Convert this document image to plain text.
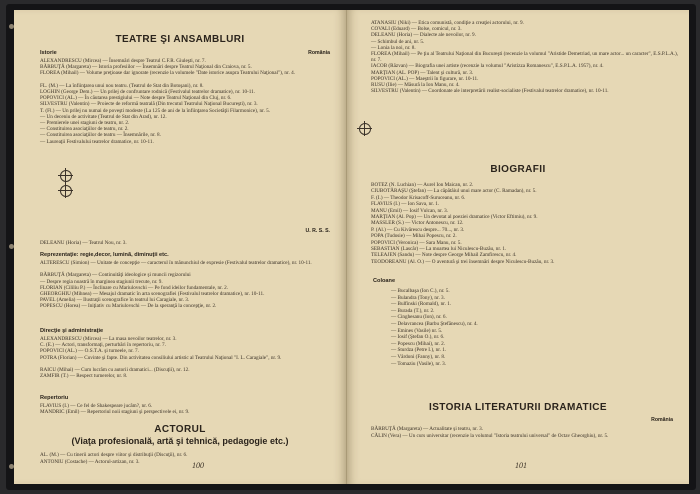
TEATRE ŞI ANSAMBLURI
Istorie	România
ALEXANDRESCU (Mircea) — Însemnări despre Teatrul C.F.R. Giuleşti, nr. 7.
BĂRBUŢĂ (Margareta) — Istoria profesiilor — Însemnări despre Teatrul Naţional din Craiova, nr. 5.
FLOREA (Mihail) — Volume preţioase dar ignorate (recenzie la volumele "Date istorice asupra Teatrului Naţional"), nr. 4.
FL. (M.) — La înfiinţarea unui nou teatru. (Teatrul de Stat din Botoşani), nr. 8.
LOGHIN (George Dem.) — Un prilej de confruntare rodnică (Festivalul teatrelor dramatice), nr. 10-11.
POPOVICI (AL.) — În căutarea prestigiului — Note despre Teatrul Naţional din Cluj, nr. 6.
SILVESTRU (Valentin) — Proiecte de reformă teatrală (Din trecutul Teatrului Naţional Bucureşti), nr. 3.
T. (Fl.) — Un prilej nu numai de poveşti modeste (La 125 de ani de la înfiinţarea Societăţii Filarmonice), nr. 5.
— Un deceniu de activitate (Teatrul de Stat din Arad), nr. 12.
— Premierele unei stagiuni de teatru, nr. 2.
— Constituirea asociaţiilor de teatru, nr. 2.
— Constituirea asociaţiilor de teatru — Însemnările, nr. 8.
— Laureaţii Festivalului teatrelor dramatice, nr. 10-11.
U. R. S. S.
DELEANU (Horia) — Teatrul Nou, nr. 3.
Reprezentaţie: regie,decor, lumină, diminuţii etc.
ALTERESCU (Simion) — Unitate de concepţie — caracterul în mănunchiul de expresie (Festivalul teatrelor dramatice), nr. 10-11.
BĂRBUŢĂ (Margareta) — Continuităţi ideologice şi muncii regizorului
— Despre regia noastră în marginea stagiunii trecute, nr. 9.
FLORIAN (Cililiu P.) — Înclinare cu Mariulovschi — Pe fond ideilor fundamentale, nr. 2.
GHEORGHIU (Mihnea) — Mesajul dramatic în arta scenografiei (Festivalul teatrelor dramatice), nr. 10-11.
PAVEL (Amelia) — Ilustraţii scenografice în teatrul lui Caragiale, nr. 3.
POPESCU (Horea) — Iniţiativ cu Mariulovschi — De la speranţă la concepţie, nr. 2.
Direcţie şi administraţie
ALEXANDRESCU (Mircea) — La masa nevoilor teatrelor, nr. 3.
C. (E.) — Actori, transformaţi, perturbări în repertoriu, nr. 7.
POPOVICI (AL.) — O.S.T.A. şi turneele, nr. 7.
POTRA (Florian) — Cuvinte şi fapte. Din activitatea consiliului artistic al Teatrului Naţional "I. L. Caragiale", nr. 9.
RAICU (Mihai) — Cum lucrăm cu autorii dramatici... (Discuţii), nr. 12.
ZAMFIR (T.) — Respect turnerelor, nr. 8.
Repertoriu
FLAVIUS (I.) — Ce fel de Shakespeare jucăm?, nr. 6.
MANDRIC (Emil) — Repertoriul noii stagiuni şi perspectivele ei, nr. 9.
ACTORUL
(Viaţa profesională, artă şi tehnică, pedagogie etc.)
AL. (M.) — Cu tinerii actori despre viitor şi distribuţii (Discuţii), nr. 6.
ANTONIU (Costache) — Actorul-artizan, nr. 3.	100
ATANASIU (Niki) — Etica comunistă, condiţie a creaţiei actorului, nr. 9.
COVALI (Eduard) — Bolse, comicul, nr. 3.
DELEANU (Horia) — Dialecte ale nevoilor, nr. 9.
— Schimbul de ani, nr. 5.
— Lonia la noi, nr. 8.
FLOREA (Mihail) — Pe ţiu al Teatrului Naţional din Bucureşti (recenzie la volumul "Aristide Demetriad, un mare actor... un caracter", E.S.P.L.A.), nr. 7.
IACOB (Răzvan) — Biografia unei artiste (recenzie la volumul "Aristizza Romanescu", E.S.P.L.A. 1957), nr. 4.
MARŢIAN (AL. POP) — Talent şi cultură, nr. 3.
POPOVICI (AL.) — Maeştrii în figurare, nr. 10-11.
RUSU (Ilie) — Măsură la Ion Manu, nr. 4.
SILVESTRU (Valentin) — Coordonate ale interpretării realist-socialiste (Festivalul teatrelor dramatice), nr. 10-11.
BIOGRAFII
BOTEZ (N. Luchian) — Aurel Ion Maican, nr. 2.
CIUBOTĂRAŞU (Ştefan) — La căpătâiul unui mare actor (C. Ramadan), nr. 5.
F. (I.) — Theodor Krisacoff-Suruceanu, nr. 6.
FLAVIUS (I.) — Ion Sava, nr. 1.
MANU (Emil) — Iosif Vulcan, nr. 3.
MARŢIAN (Al. Pop) — Un devotat al poeziei dramatice (Victor Eftimiu), nr. 9.
MASSLER (S.) — Victor Antonescu, nr. 12.
P. (Al.) — Cu Kivărescu despre... 70..., nr. 3.
POPA (Tudosie) — Mihai Popescu, nr. 2.
POPOVICI (Veronica) — Sara Manu, nr. 5.
SEBASTIAN (Lascăr) — La moartea lui Niculescu-Buzău, nr. 1.
TELEAJEN (Sandu) — Note despre George Mihail Zamfirescu, nr. 4.
TEODOREANU (Al. O.) — O aventură şi trei însemnări despre Niculescu-Buzău, nr. 3.
Coloane
— Bucalbaşa (Ion C.), nr. 5.
— Bulandra (Tony), nr. 3.
— Bulfinski (Romald), nr. 1.
— Burada (T.), nr. 2.
— Cinghesanu (Ion), nr. 6.
— Delavrancea (Barbu Ştefănescu), nr. 4.
— Emines (Vasile) nr. 5.
— Iosif (Ştefan O.), nr. 6.
— Popescu (Mihai), nr. 2.
— Sturdza (Petre I.), nr. 1.
— Vârdoni (Fanny), nr. 8.
— Tomaziu (Vasile), nr. 3.
ISTORIA LITERATURII DRAMATICE
România
BĂRBUŢĂ (Margareta) — Actualitate şi teatru, nr. 3.
CĂLIN (Vera) — Un curs universitar (recenzie la volumul "Istoria teatrului universal" de Octav Gheorghiu), nr. 5.
101
